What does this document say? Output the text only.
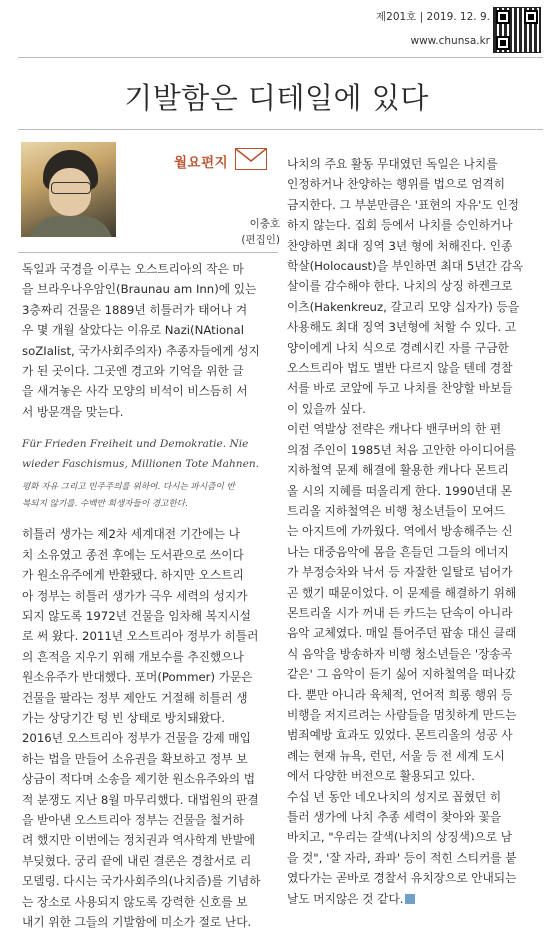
제201호 | 2019. 12. 9.
www.chunsa.kr
기발함은 디테일에 있다
월요편지
이충호
(편집인)

독일과 국경을 이루는 오스트리아의 작은 마

을 브라우나우암인(Braunau am Inn)에 있는

3층짜리 건물은 1889년 히틀러가 태어나 겨

우 몇 개월 살았다는 이유로 Nazi(NAtional

soZIalist, 국가사회주의자) 추종자들에게 성지

가 된 곳이다. 그곳엔 경고와 기억을 위한 글

을 새겨놓은 사각 모양의 비석이 비스듬히 서

서 방문객을 맞는다.

히틀러 생가는 제2차 세계대전 기간에는 나

치 소유였고 종전 후에는 도서관으로 쓰이다

가 원소유주에게 반환됐다. 하지만 오스트리

아 정부는 히틀러 생가가 극우 세력의 성지가

되지 않도록 1972년 건물을 임차해 복지시설

로 써 왔다. 2011년 오스트리아 정부가 히틀러

의 흔적을 지우기 위해 개보수를 추진했으나

원소유주가 반대했다. 포머(Pommer) 가문은

건물을 팔라는 정부 제안도 거절해 히틀러 생

가는 상당기간 텅 빈 상태로 방치돼왔다.

2016년 오스트리아 정부가 건물을 강제 매입

하는 법을 만들어 소유권을 확보하고 정부 보

상금이 적다며 소송을 제기한 원소유주와의 법

적 분쟁도 지난 8월 마무리했다. 대법원의 판결

을 받아낸 오스트리아 정부는 건물을 철거하

려 했지만 이번에는 정치권과 역사학계 반발에

부딪혔다. 궁리 끝에 내린 결론은 경찰서로 리

모델링. 다시는 국가사회주의(나치즘)를 기념하

는 장소로 사용되지 않도록 강력한 신호를 보

내기 위한 그들의 기발함에 미소가 절로 난다.

Für Frieden Freiheit und Demokratie. Nie
wieder Faschismus, Millionen Tote Mahnen.
평화 자유 그리고 민주주의를 위하여. 다시는 파시즘이 반
복되지 않기를. 수백만 희생자들이 경고한다.

나치의 주요 활동 무대였던 독일은 나치를

인정하거나 찬양하는 행위를 법으로 엄격히

금지한다. 그 부분만큼은 '표현의 자유'도 인정

하지 않는다. 집회 등에서 나치를 승인하거나

찬양하면 최대 징역 3년 형에 처해진다. 인종

학살(Holocaust)을 부인하면 최대 5년간 감옥

살이를 감수해야 한다. 나치의 상징 하켄크로

이츠(Hakenkreuz, 갈고리 모양 십자가) 등을

사용해도 최대 징역 3년형에 처할 수 있다. 고

양이에게 나치 식으로 경례시킨 자를 구금한

오스트리아 법도 별반 다르지 않을 텐데 경찰

서를 바로 코앞에 두고 나치를 찬양할 바보들

이 있을까 싶다.

이런 역발상 전략은 캐나다 밴쿠버의 한 편

의점 주인이 1985년 처음 고안한 아이디어를

지하철역 문제 해결에 활용한 캐나다 몬트리

올 시의 지혜를 떠올리게 한다. 1990년대 몬

트리올 지하철역은 비행 청소년들이 모여드

는 아지트에 가까웠다. 역에서 방송해주는 신

나는 대중음악에 몸을 흔들던 그들의 에너지

가 부정승차와 낙서 등 자잘한 일탈로 넘어가

곤 했기 때문이었다. 이 문제를 해결하기 위해

몬트리올 시가 꺼내 든 카드는 단속이 아니라

음악 교체였다. 매일 틀어주던 팝송 대신 클래

식 음악을 방송하자 비행 청소년들은 '장송곡

같은' 그 음악이 듣기 싫어 지하철역을 떠나갔

다. 뿐만 아니라 육체적, 언어적 희롱 행위 등

비행을 저지르려는 사람들을 멈칫하게 만드는

범죄예방 효과도 있었다. 몬트리올의 성공 사

례는 현재 뉴욕, 런던, 서울 등 전 세계 도시

에서 다양한 버전으로 활용되고 있다.

수십 년 동안 네오나치의 성지로 꼽혔던 히

틀러 생가에 나치 추종 세력이 찾아와 꽃을

바치고, "우리는 갈색(나치의 상징색)으로 남

을 것", '잘 자라, 좌파' 등이 적힌 스티커를 붙

였다가는 곧바로 경찰서 유치장으로 안내되는

날도 머지않은 것 같다.
